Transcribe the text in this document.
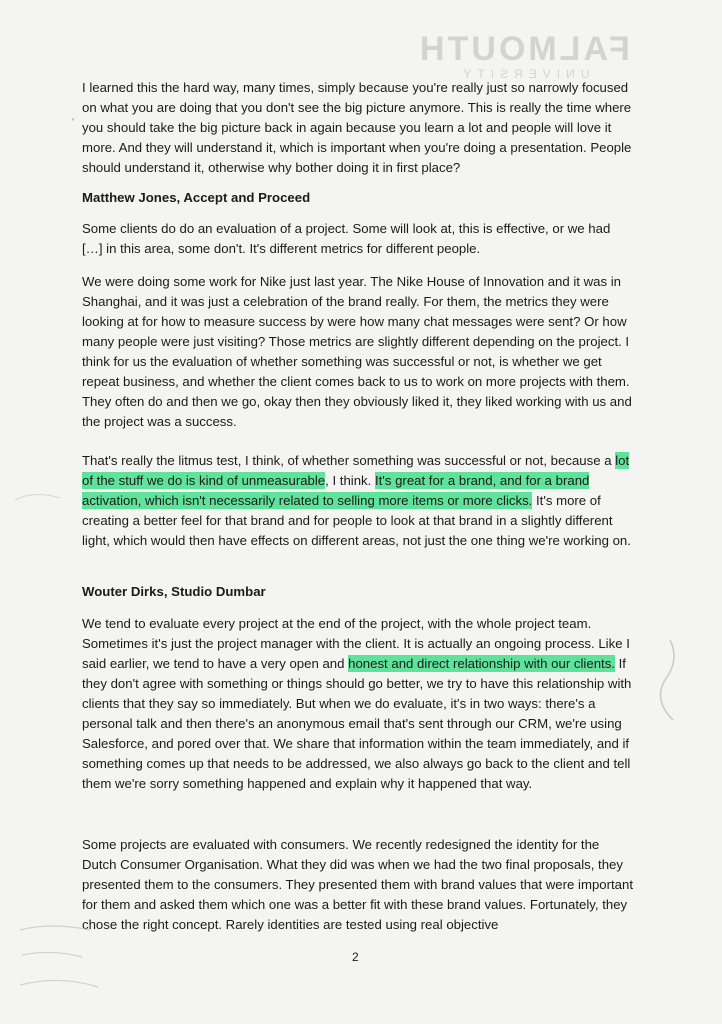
FALMOUTH
UNIVERSITY
‘

I learned this the hard way, many times, simply because you're really just so narrowly focused on what you are doing that you don't see the big picture anymore. This is really the time where you should take the big picture back in again because you learn a lot and people will love it more. And they will understand it, which is important when you're doing a presentation. People should understand it, otherwise why bother doing it in first place?

Matthew Jones, Accept and Proceed

Some clients do do an evaluation of a project. Some will look at, this is effective, or we had […] in this area, some don't. It's different metrics for different people.

We were doing some work for Nike just last year. The Nike House of Innovation and it was in Shanghai, and it was just a celebration of the brand really. For them, the metrics they were looking at for how to measure success by were how many chat messages were sent? Or how many people were just visiting? Those metrics are slightly different depending on the project. I think for us the evaluation of whether something was successful or not, is whether we get repeat business, and whether the client comes back to us to work on more projects with them. They often do and then we go, okay then they obviously liked it, they liked working with us and the project was a success.

That's really the litmus test, I think, of whether something was successful or not, because a lot of the stuff we do is kind of unmeasurable, I think. It's great for a brand, and for a brand activation, which isn't necessarily related to selling more items or more clicks. It's more of creating a better feel for that brand and for people to look at that brand in a slightly different light, which would then have effects on different areas, not just the one thing we're working on.

Wouter Dirks, Studio Dumbar

We tend to evaluate every project at the end of the project, with the whole project team. Sometimes it's just the project manager with the client. It is actually an ongoing process. Like I said earlier, we tend to have a very open and honest and direct relationship with our clients. If they don't agree with something or things should go better, we try to have this relationship with clients that they say so immediately. But when we do evaluate, it's in two ways: there's a personal talk and then there's an anonymous email that's sent through our CRM, we're using Salesforce, and pored over that. We share that information within the team immediately, and if something comes up that needs to be addressed, we also always go back to the client and tell them we're sorry something happened and explain why it happened that way.

Some projects are evaluated with consumers. We recently redesigned the identity for the Dutch Consumer Organisation. What they did was when we had the two final proposals, they presented them to the consumers. They presented them with brand values that were important for them and asked them which one was a better fit with these brand values. Fortunately, they chose the right concept. Rarely identities are tested using real objective

2
